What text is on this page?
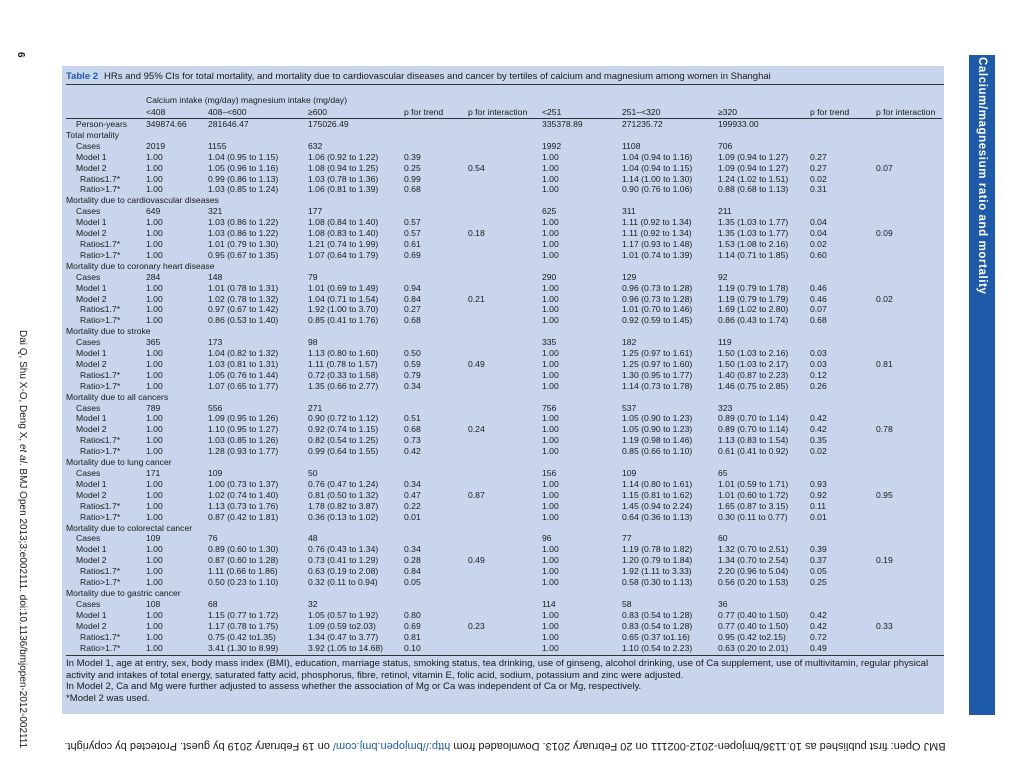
6
Dai Q, Shu X-O, Deng X, et al. BMJ Open 2013;3:e002111. doi:10.1136/bmjopen-2012-002111
Calcium/magnesium ratio and mortality
BMJ Open: first published as 10.1136/bmjopen-2012-002111 on 20 February 2013. Downloaded from http://bmjopen.bmj.com/ on 19 February 2019 by guest. Protected by copyright.
Table 2 HRs and 95% CIs for total mortality, and mortality due to cardiovascular diseases and cancer by tertiles of calcium and magnesium among women in Shanghai
	Calcium intake (mg/day) magnesium intake (mg/day)									
	<408	408–<600	≥600	p for trend	p for interaction	<251	251–<320	≥320	p for trend	p for interaction
Person-years	349874.66	281646.47	175026.49			335378.89	271235.72	199933.00		
Total mortality										
Cases	2019	1155	632			1992	1108	706		
Model 1	1.00	1.04 (0.95 to 1.15)	1.06 (0.92 to 1.22)	0.39		1.00	1.04 (0.94 to 1.16)	1.09 (0.94 to 1.27)	0.27	
Model 2	1.00	1.05 (0.96 to 1.16)	1.08 (0.94 to 1.25)	0.25	0.54	1.00	1.04 (0.94 to 1.15)	1.09 (0.94 to 1.27)	0.27	0.07
Ratio≤1.7*	1.00	0.99 (0.86 to 1.13)	1.03 (0.78 to 1.36)	0.99		1.00	1.14 (1.00 to 1.30)	1.24 (1.02 to 1.51)	0.02	
Ratio>1.7*	1.00	1.03 (0.85 to 1.24)	1.06 (0.81 to 1.39)	0.68		1.00	0.90 (0.76 to 1.06)	0.88 (0.68 to 1.13)	0.31	
Mortality due to cardiovascular diseases										
Cases	649	321	177			625	311	211		
Model 1	1.00	1.03 (0.86 to 1.22)	1.08 (0.84 to 1.40)	0.57		1.00	1.11 (0.92 to 1.34)	1.35 (1.03 to 1.77)	0.04	
Model 2	1.00	1.03 (0.86 to 1.22)	1.08 (0.83 to 1.40)	0.57	0.18	1.00	1.11 (0.92 to 1.34)	1.35 (1.03 to 1.77)	0.04	0.09
Ratio≤1.7*	1.00	1.01 (0.79 to 1.30)	1.21 (0.74 to 1.99)	0.61		1.00	1.17 (0.93 to 1.48)	1.53 (1.08 to 2.16)	0.02	
Ratio>1.7*	1.00	0.95 (0.67 to 1.35)	1.07 (0.64 to 1.79)	0.69		1.00	1.01 (0.74 to 1.39)	1.14 (0.71 to 1.85)	0.60	
Mortality due to coronary heart disease										
Cases	284	148	79			290	129	92		
Model 1	1.00	1.01 (0.78 to 1.31)	1.01 (0.69 to 1.49)	0.94		1.00	0.96 (0.73 to 1.28)	1.19 (0.79 to 1.78)	0.46	
Model 2	1.00	1.02 (0.78 to 1.32)	1.04 (0.71 to 1.54)	0.84	0.21	1.00	0.96 (0.73 to 1.28)	1.19 (0.79 to 1.79)	0.46	0.02
Ratio≤1.7*	1.00	0.97 (0.67 to 1.42)	1.92 (1.00 to 3.70)	0.27		1.00	1.01 (0.70 to 1.46)	1.69 (1.02 to 2.80)	0.07	
Ratio>1.7*	1.00	0.86 (0.53 to 1.40)	0.85 (0.41 to 1.76)	0.68		1.00	0.92 (0.59 to 1.45)	0.86 (0.43 to 1.74)	0.68	
Mortality due to stroke										
Cases	365	173	98			335	182	119		
Model 1	1.00	1.04 (0.82 to 1.32)	1.13 (0.80 to 1.60)	0.50		1.00	1.25 (0.97 to 1.61)	1.50 (1.03 to 2.16)	0.03	
Model 2	1.00	1.03 (0.81 to 1.31)	1.11 (0.78 to 1.57)	0.59	0.49	1.00	1.25 (0.97 to 1.60)	1.50 (1.03 to 2.17)	0.03	0.81
Ratio≤1.7*	1.00	1.05 (0.76 to 1.44)	0.72 (0.33 to 1.58)	0.79		1.00	1.30 (0.95 to 1.77)	1.40 (0.87 to 2.23)	0.12	
Ratio>1.7*	1.00	1.07 (0.65 to 1.77)	1.35 (0.66 to 2.77)	0.34		1.00	1.14 (0.73 to 1.78)	1.46 (0.75 to 2.85)	0.26	
Mortality due to all cancers										
Cases	789	556	271			756	537	323		
Model 1	1.00	1.09 (0.95 to 1.26)	0.90 (0.72 to 1.12)	0.51		1.00	1.05 (0.90 to 1.23)	0.89 (0.70 to 1.14)	0.42	
Model 2	1.00	1.10 (0.95 to 1.27)	0.92 (0.74 to 1.15)	0.68	0.24	1.00	1.05 (0.90 to 1.23)	0.89 (0.70 to 1.14)	0.42	0.78
Ratio≤1.7*	1.00	1.03 (0.85 to 1.26)	0.82 (0.54 to 1.25)	0.73		1.00	1.19 (0.98 to 1.46)	1.13 (0.83 to 1.54)	0.35	
Ratio>1.7*	1.00	1.28 (0.93 to 1.77)	0.99 (0.64 to 1.55)	0.42		1.00	0.85 (0.66 to 1.10)	0.61 (0.41 to 0.92)	0.02	
Mortality due to lung cancer										
Cases	171	109	50			156	109	65		
Model 1	1.00	1.00 (0.73 to 1.37)	0.76 (0.47 to 1.24)	0.34		1.00	1.14 (0.80 to 1.61)	1.01 (0.59 to 1.71)	0.93	
Model 2	1.00	1.02 (0.74 to 1.40)	0.81 (0.50 to 1.32)	0.47	0.87	1.00	1.15 (0.81 to 1.62)	1.01 (0.60 to 1.72)	0.92	0.95
Ratio≤1.7*	1.00	1.13 (0.73 to 1.76)	1.78 (0.82 to 3.87)	0.22		1.00	1.45 (0.94 to 2.24)	1.65 (0.87 to 3.15)	0.11	
Ratio>1.7*	1.00	0.87 (0.42 to 1.81)	0.36 (0.13 to 1.02)	0.01		1.00	0.64 (0.36 to 1.13)	0.30 (0.11 to 0.77)	0.01	
Mortality due to colorectal cancer										
Cases	109	76	48			96	77	60		
Model 1	1.00	0.89 (0.60 to 1.30)	0.76 (0.43 to 1.34)	0.34		1.00	1.19 (0.78 to 1.82)	1.32 (0.70 to 2.51)	0.39	
Model 2	1.00	0.87 (0.60 to 1.28)	0.73 (0.41 to 1.29)	0.28	0.49	1.00	1.20 (0.79 to 1.84)	1.34 (0.70 to 2.54)	0.37	0.19
Ratio≤1.7*	1.00	1.11 (0.66 to 1.86)	0.63 (0.19 to 2.08)	0.84		1.00	1.92 (1.11 to 3.33)	2.20 (0.96 to 5.04)	0.05	
Ratio>1.7*	1.00	0.50 (0.23 to 1.10)	0.32 (0.11 to 0.94)	0.05		1.00	0.58 (0.30 to 1.13)	0.56 (0.20 to 1.53)	0.25	
Mortality due to gastric cancer										
Cases	108	68	32			114	58	36		
Model 1	1.00	1.15 (0.77 to 1.72)	1.05 (0.57 to 1.92)	0.80		1.00	0.83 (0.54 to 1.28)	0.77 (0.40 to 1.50)	0.42	
Model 2	1.00	1.17 (0.78 to 1.75)	1.09 (0.59 to2.03)	0.69	0.23	1.00	0.83 (0.54 to 1.28)	0.77 (0.40 to 1.50)	0.42	0.33
Ratio≤1.7*	1.00	0.75 (0.42 to1.35)	1.34 (0.47 to 3.77)	0.81		1.00	0.65 (0.37 to1.16)	0.95 (0.42 to2.15)	0.72	
Ratio>1.7*	1.00	3.41 (1.30 to 8.99)	3.92 (1.05 to 14.68)	0.10		1.00	1.10 (0.54 to 2.23)	0.63 (0.20 to 2.01)	0.49	

In Model 1, age at entry, sex, body mass index (BMI), education, marriage status, smoking status, tea drinking, use of ginseng, alcohol drinking, use of Ca supplement, use of multivitamin, regular physical activity and intakes of total energy, saturated fatty acid, phosphorus, fibre, retinol, vitamin E, folic acid, sodium, potassium and zinc were adjusted.

In Model 2, Ca and Mg were further adjusted to assess whether the association of Mg or Ca was independent of Ca or Mg, respectively.

*Model 2 was used.
